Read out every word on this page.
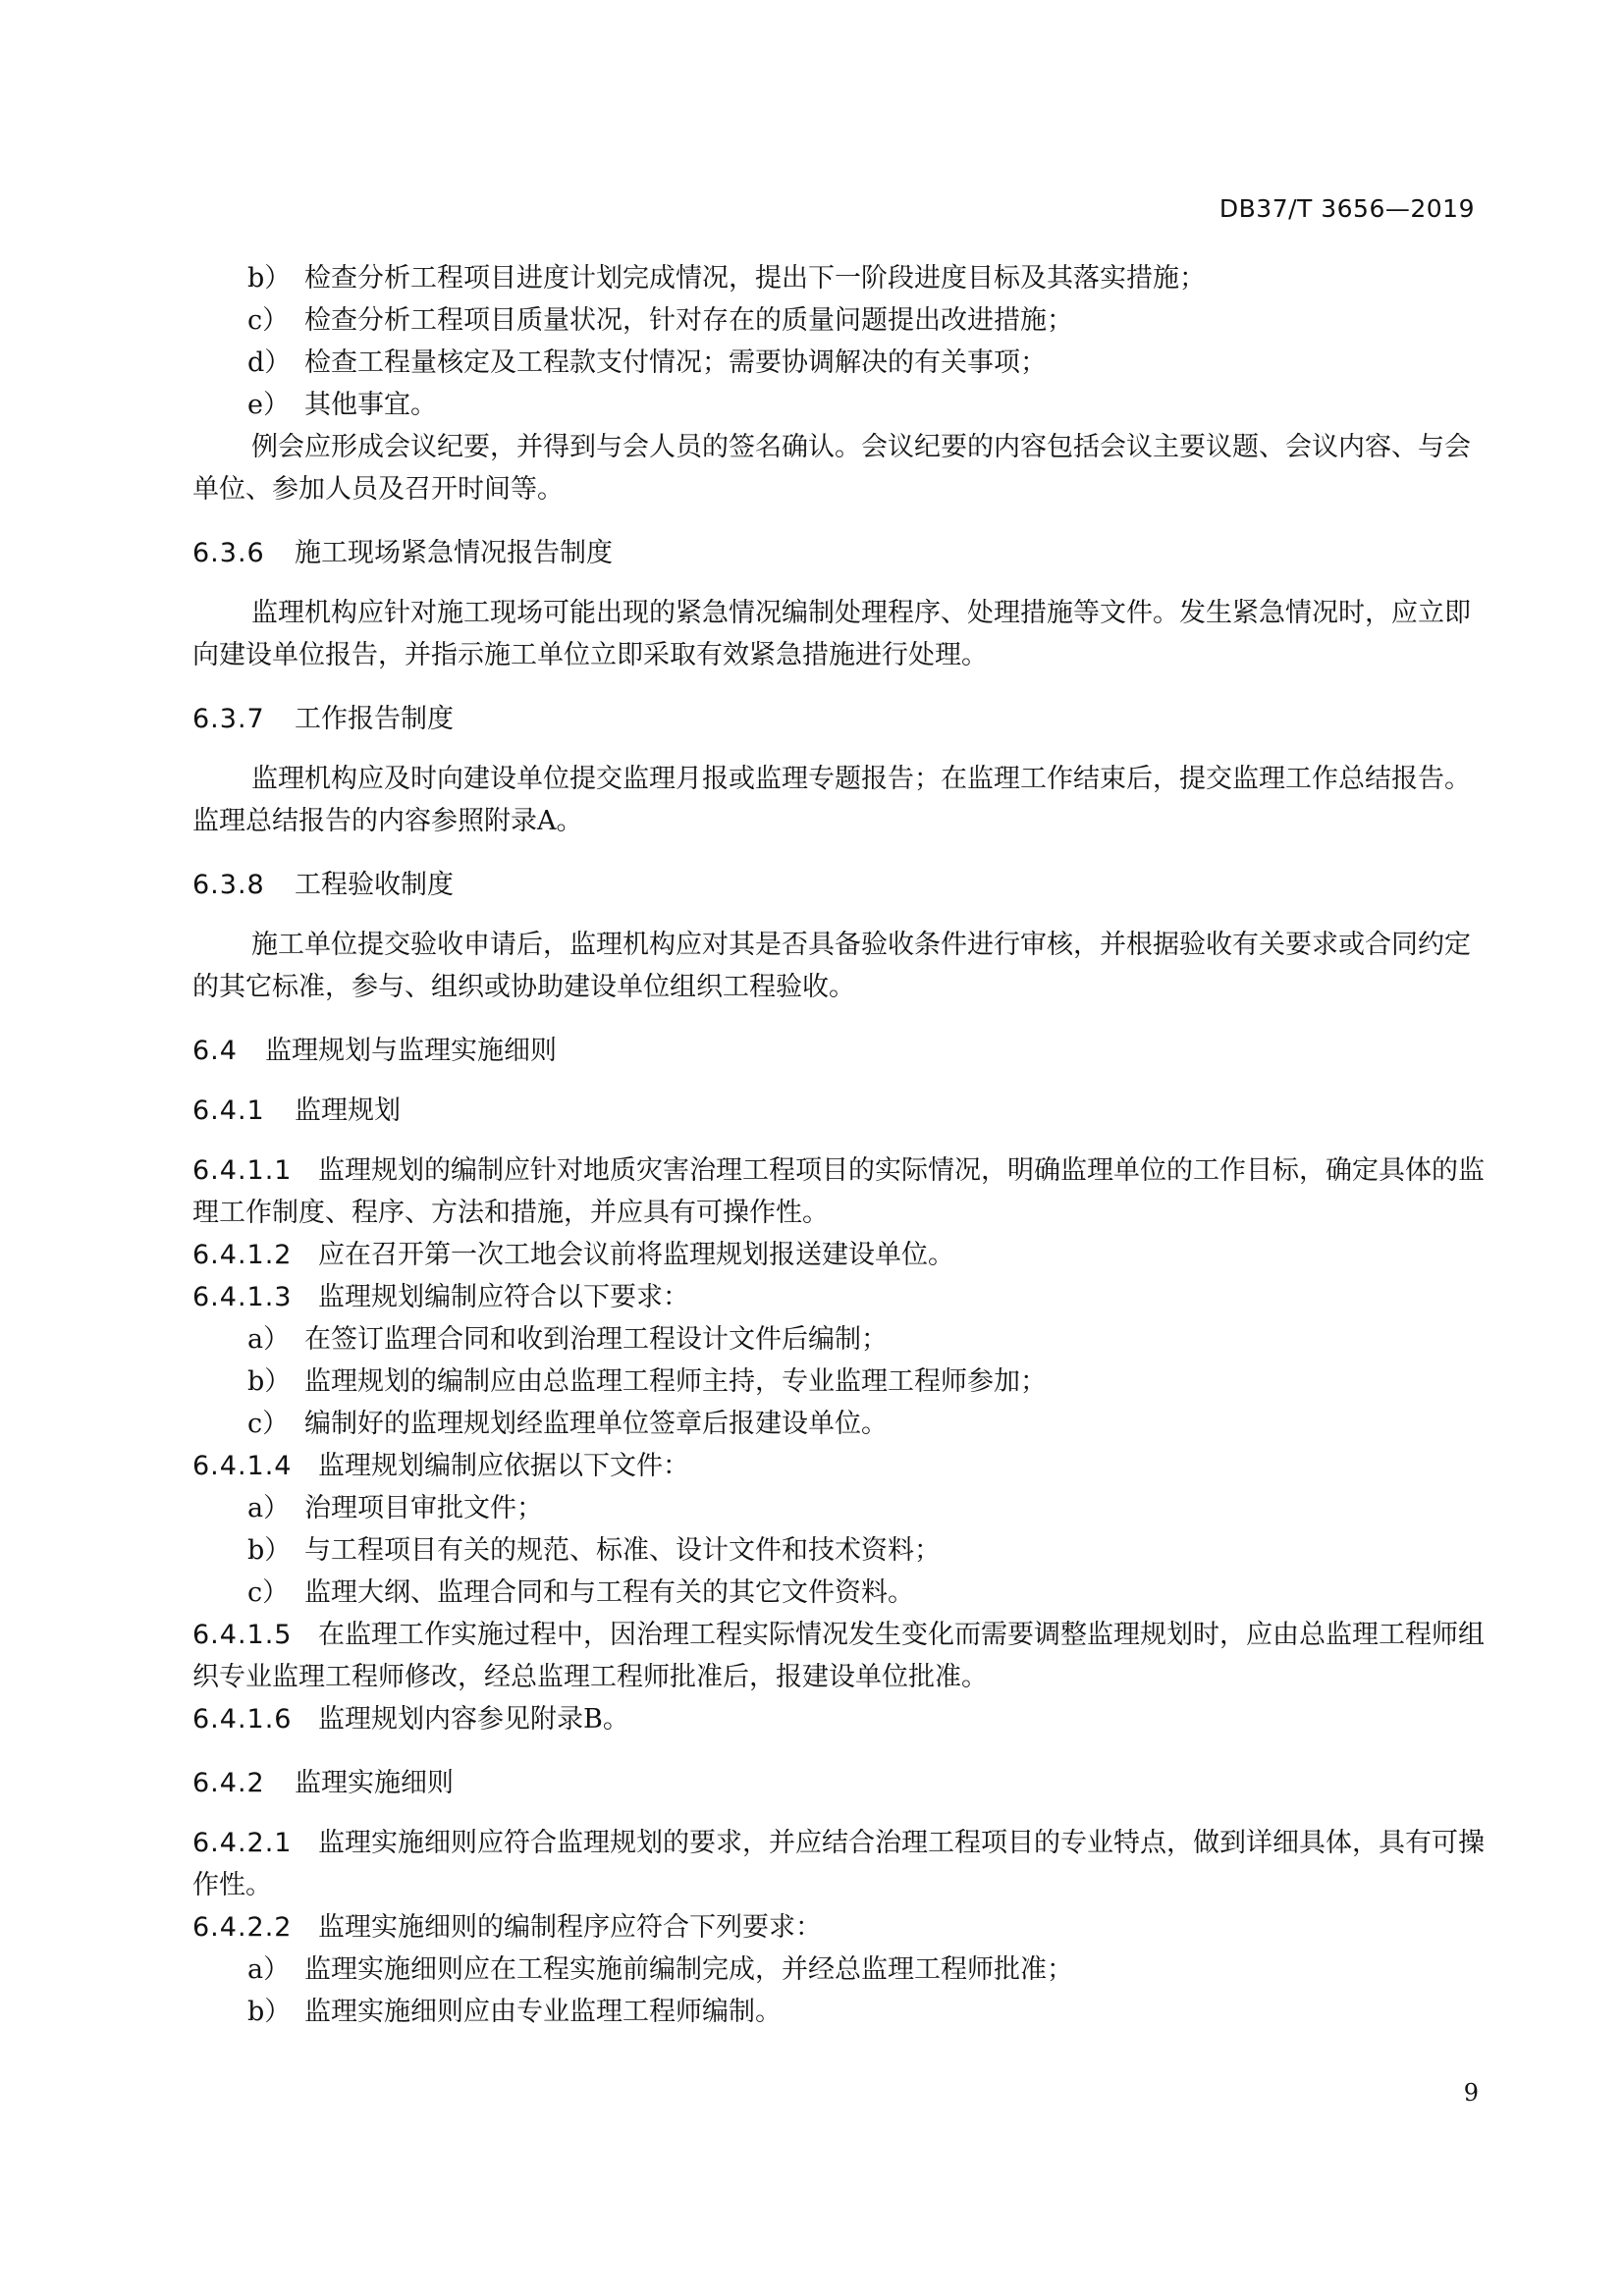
DB37/T 3656—2019
b） 检查分析工程项目进度计划完成情况，提出下一阶段进度目标及其落实措施；
c） 检查分析工程项目质量状况，针对存在的质量问题提出改进措施；
d） 检查工程量核定及工程款支付情况；需要协调解决的有关事项；
e） 其他事宜。
例会应形成会议纪要，并得到与会人员的签名确认。会议纪要的内容包括会议主要议题、会议内容、与会单位、参加人员及召开时间等。
6.3.6 施工现场紧急情况报告制度
监理机构应针对施工现场可能出现的紧急情况编制处理程序、处理措施等文件。发生紧急情况时，应立即向建设单位报告，并指示施工单位立即采取有效紧急措施进行处理。
6.3.7 工作报告制度
监理机构应及时向建设单位提交监理月报或监理专题报告；在监理工作结束后，提交监理工作总结报告。监理总结报告的内容参照附录A。
6.3.8 工程验收制度
施工单位提交验收申请后，监理机构应对其是否具备验收条件进行审核，并根据验收有关要求或合同约定的其它标准，参与、组织或协助建设单位组织工程验收。
6.4 监理规划与监理实施细则
6.4.1 监理规划
6.4.1.1 监理规划的编制应针对地质灾害治理工程项目的实际情况，明确监理单位的工作目标，确定具体的监理工作制度、程序、方法和措施，并应具有可操作性。
6.4.1.2 应在召开第一次工地会议前将监理规划报送建设单位。
6.4.1.3 监理规划编制应符合以下要求：
a） 在签订监理合同和收到治理工程设计文件后编制；
b） 监理规划的编制应由总监理工程师主持，专业监理工程师参加；
c） 编制好的监理规划经监理单位签章后报建设单位。
6.4.1.4 监理规划编制应依据以下文件：
a） 治理项目审批文件；
b） 与工程项目有关的规范、标准、设计文件和技术资料；
c） 监理大纲、监理合同和与工程有关的其它文件资料。
6.4.1.5 在监理工作实施过程中，因治理工程实际情况发生变化而需要调整监理规划时，应由总监理工程师组织专业监理工程师修改，经总监理工程师批准后，报建设单位批准。
6.4.1.6 监理规划内容参见附录B。
6.4.2 监理实施细则
6.4.2.1 监理实施细则应符合监理规划的要求，并应结合治理工程项目的专业特点，做到详细具体，具有可操作性。
6.4.2.2 监理实施细则的编制程序应符合下列要求：
a） 监理实施细则应在工程实施前编制完成，并经总监理工程师批准；
b） 监理实施细则应由专业监理工程师编制。
9
